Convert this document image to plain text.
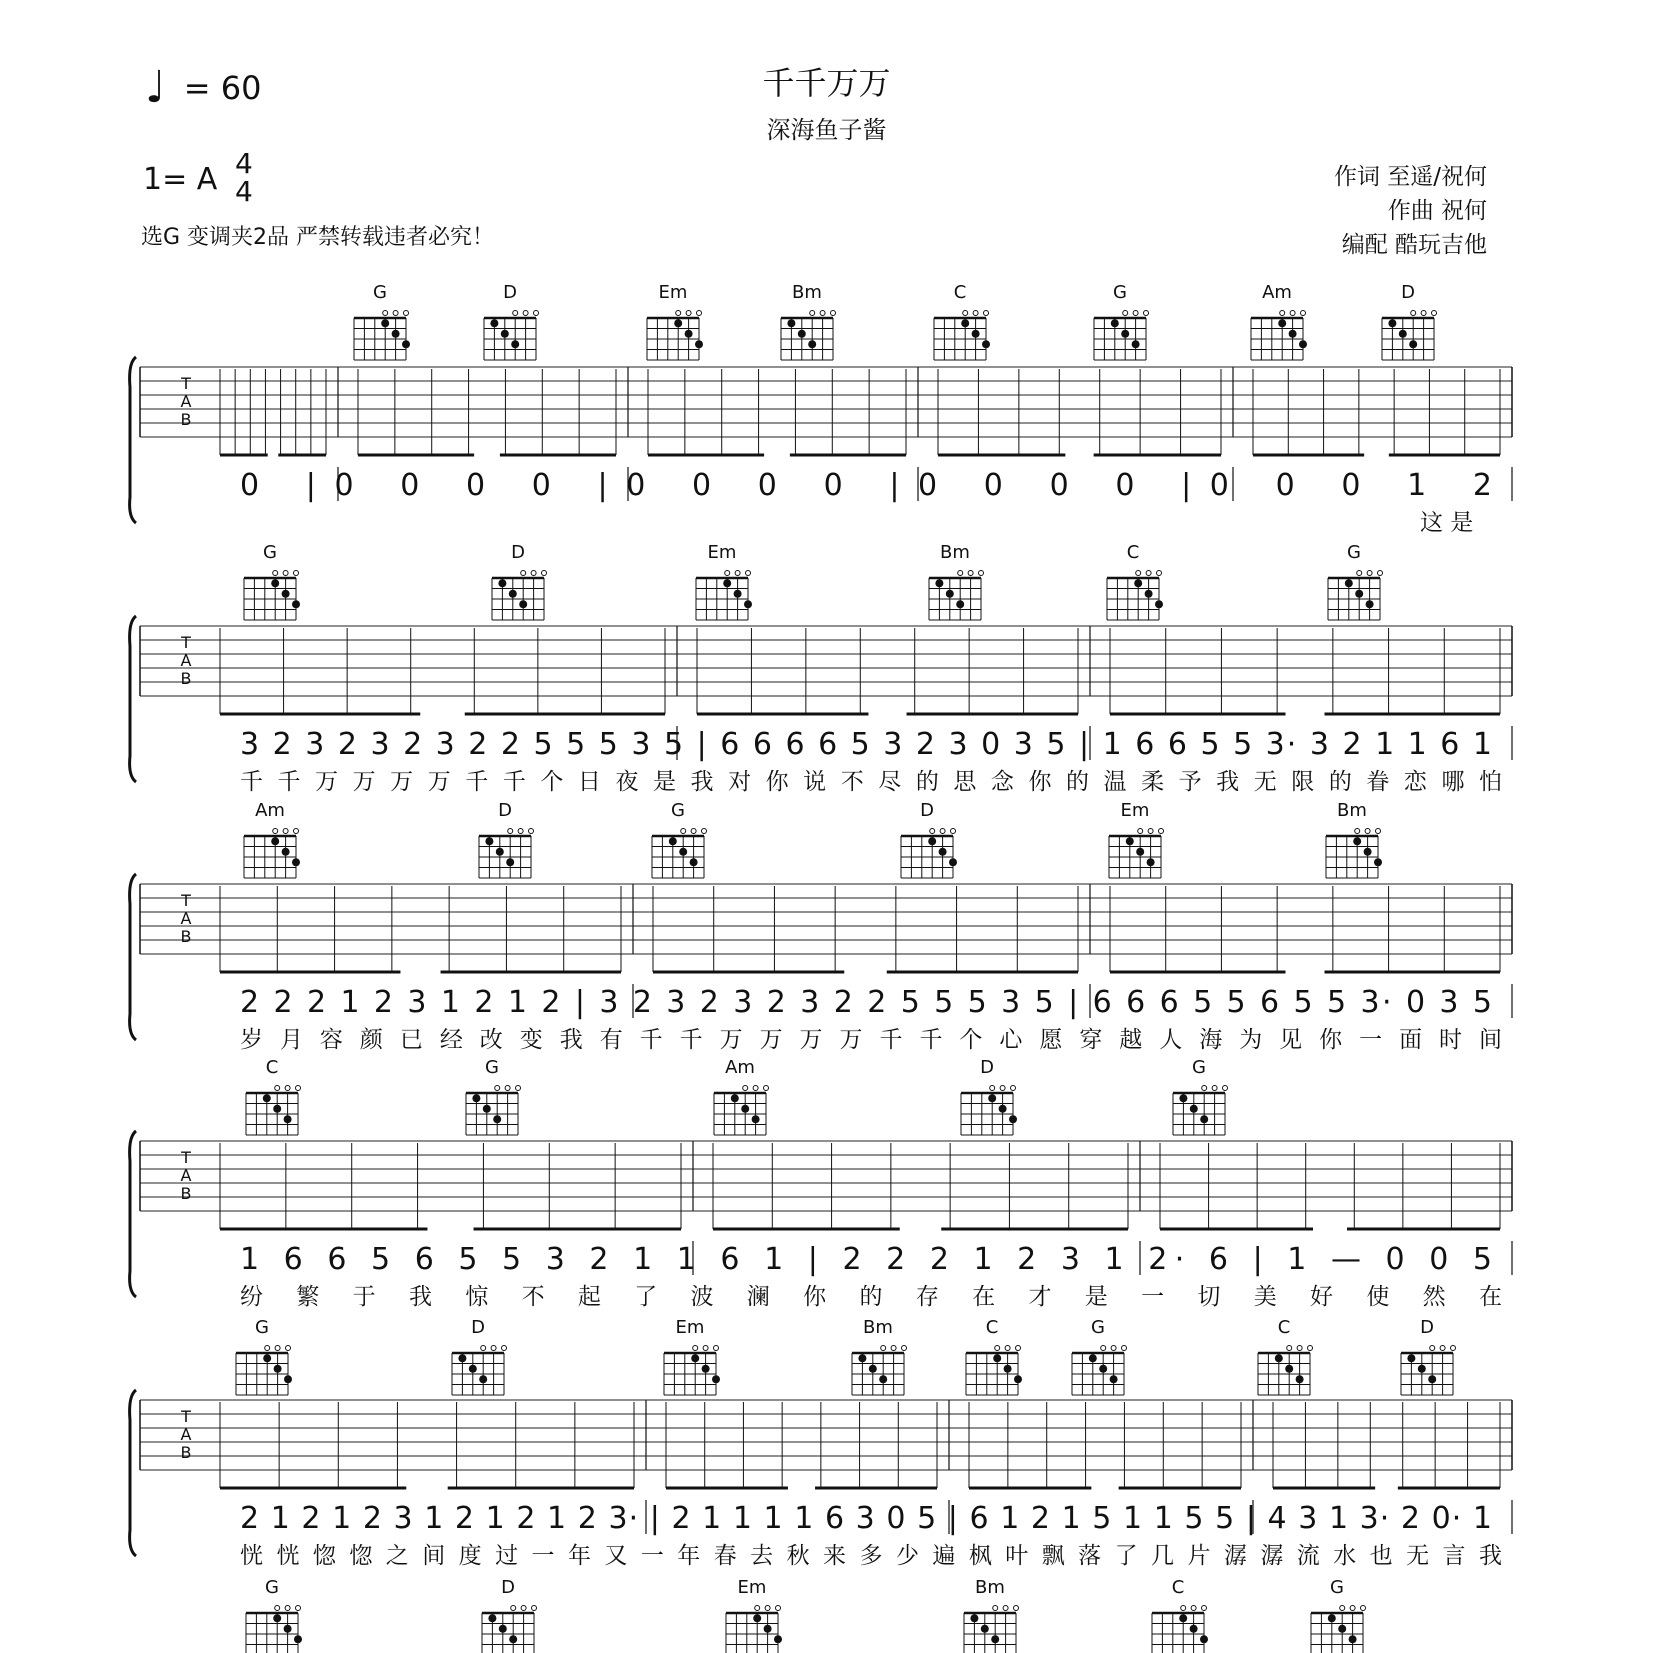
千千万万
深海鱼子酱
♩ = 60
1= A 4
4
选G 变调夹2品 严禁转载违者必究！
作词 至遥/祝何
作曲 祝何
编配 酷玩吉他
G	D	Em	Bm	C	G	Am	D
T
A
B
0 |0 0 0 0 |0 0 0 0 |0 0 0 0 |0 0 0 1 2
这 是
G	D	Em	Bm	C	G
T
A
B
3 2 3 2 3 2 3 2 2 5 5 5 3 5 | 6 6 6 6 5 3 2 3 0 3 5 | 1 6 6 5 5 3· 3 2 1 1 6 1
千 千 万 万 万 万 千 千 个 日 夜 是 我 对 你 说 不 尽 的 思 念 你 的 温 柔 予 我 无 限 的 眷 恋 哪 怕
Am	D	G	D	Em	Bm
T
A
B
2 2 2 1 2 3 1 2 1 2 | 3 2 3 2 3 2 3 2 2 5 5 5 3 5 | 6 6 6 5 5 6 5 5 3· 0 3 5
岁 月 容 颜 已 经 改 变 我 有 千 千 万 万 万 万 千 千 个 心 愿 穿 越 人 海 为 见 你 一 面 时 间
C	G	Am	D	G
T
A
B
1 6 6 5 6 5 5 3 2 1 1 6 1 | 2 2 2 1 2 3 1 2· 6 | 1 — 0 0 5
纷 繁 于 我 惊 不 起 了 波 澜 你 的 存 在 才 是 一 切 美 好 使 然 在
G	D	Em	Bm	C	G	C	D
T
A
B
2 1 2 1 2 3 1 2 1 2 1 2 3· | 2 1 1 1 1 6 3 0 5 | 6 1 2 1 5 1 1 5 5 | 4 3 1 3· 2 0· 1
恍 恍 惚 惚 之 间 度 过 一 年 又 一 年 春 去 秋 来 多 少 遍 枫 叶 飘 落 了 几 片 潺 潺 流 水 也 无 言 我
G	D	Em	Bm	C	G
